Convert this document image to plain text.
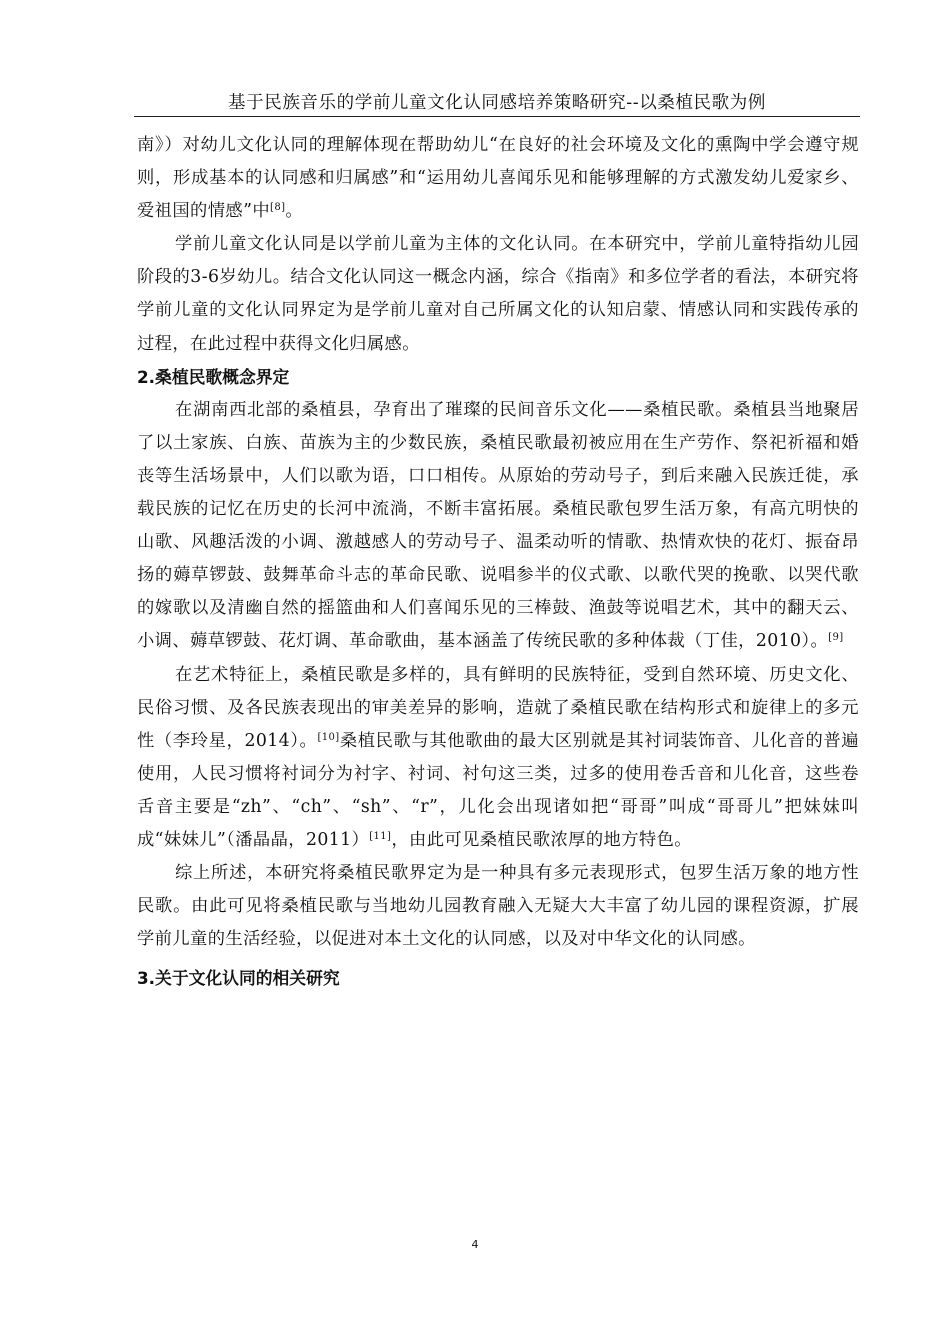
基于民族音乐的学前儿童文化认同感培养策略研究--以桑植民歌为例

南》）对幼儿文化认同的理解体现在帮助幼儿“在良好的社会环境及文化的熏陶中学会遵守规则，形成基本的认同感和归属感”和“运用幼儿喜闻乐见和能够理解的方式激发幼儿爱家乡、爱祖国的情感”中[8]。

学前儿童文化认同是以学前儿童为主体的文化认同。在本研究中，学前儿童特指幼儿园阶段的3-6岁幼儿。结合文化认同这一概念内涵，综合《指南》和多位学者的看法，本研究将学前儿童的文化认同界定为是学前儿童对自己所属文化的认知启蒙、情感认同和实践传承的过程，在此过程中获得文化归属感。

2.桑植民歌概念界定

在湖南西北部的桑植县，孕育出了璀璨的民间音乐文化——桑植民歌。桑植县当地聚居了以土家族、白族、苗族为主的少数民族，桑植民歌最初被应用在生产劳作、祭祀祈福和婚丧等生活场景中，人们以歌为语，口口相传。从原始的劳动号子，到后来融入民族迁徙，承载民族的记忆在历史的长河中流淌，不断丰富拓展。桑植民歌包罗生活万象，有高亢明快的山歌、风趣活泼的小调、激越感人的劳动号子、温柔动听的情歌、热情欢快的花灯、振奋昂扬的薅草锣鼓、鼓舞革命斗志的革命民歌、说唱参半的仪式歌、以歌代哭的挽歌、以哭代歌的嫁歌以及清幽自然的摇篮曲和人们喜闻乐见的三棒鼓、渔鼓等说唱艺术，其中的翻天云、小调、薅草锣鼓、花灯调、革命歌曲，基本涵盖了传统民歌的多种体裁（丁佳，2010）。[9]

在艺术特征上，桑植民歌是多样的，具有鲜明的民族特征，受到自然环境、历史文化、民俗习惯、及各民族表现出的审美差异的影响，造就了桑植民歌在结构形式和旋律上的多元性（李玲星，2014）。[10]桑植民歌与其他歌曲的最大区别就是其衬词装饰音、儿化音的普遍使用，人民习惯将衬词分为衬字、衬词、衬句这三类，过多的使用卷舌音和儿化音，这些卷舌音主要是“zh”、“ch”、“sh”、“r”，儿化会出现诸如把“哥哥”叫成“哥哥儿”把妹妹叫成“妹妹儿”（潘晶晶，2011）[11]，由此可见桑植民歌浓厚的地方特色。

综上所述，本研究将桑植民歌界定为是一种具有多元表现形式，包罗生活万象的地方性民歌。由此可见将桑植民歌与当地幼儿园教育融入无疑大大丰富了幼儿园的课程资源，扩展学前儿童的生活经验，以促进对本土文化的认同感，以及对中华文化的认同感。

3.关于文化认同的相关研究

4
